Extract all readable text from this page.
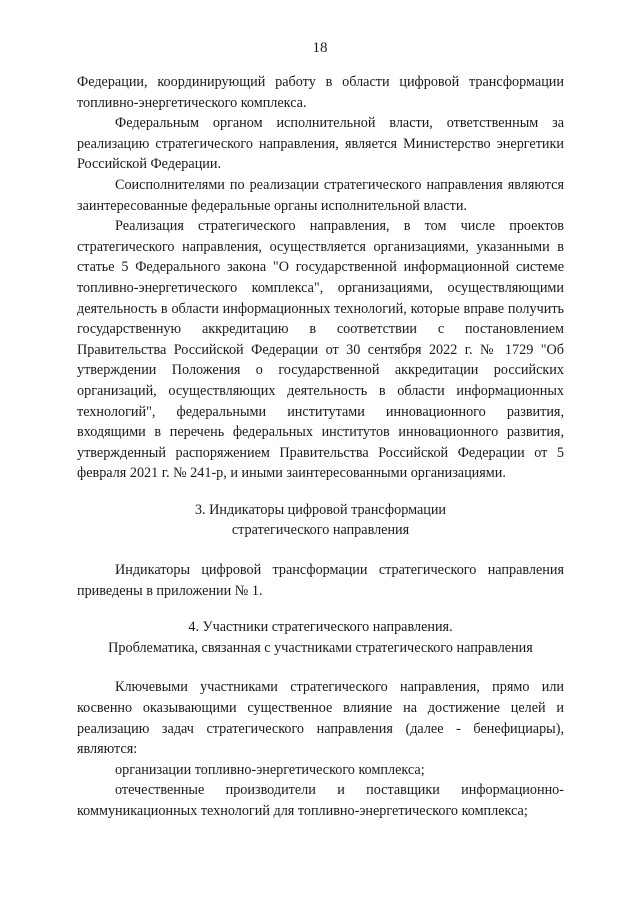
18

Федерации, координирующий работу в области цифровой трансформации топливно-энергетического комплекса.

Федеральным органом исполнительной власти, ответственным за реализацию стратегического направления, является Министерство энергетики Российской Федерации.

Соисполнителями по реализации стратегического направления являются заинтересованные федеральные органы исполнительной власти.

Реализация стратегического направления, в том числе проектов стратегического направления, осуществляется организациями, указанными в статье 5 Федерального закона "О государственной информационной системе топливно-энергетического комплекса", организациями, осуществляющими деятельность в области информационных технологий, которые вправе получить государственную аккредитацию в соответствии с постановлением Правительства Российской Федерации от 30 сентября 2022 г. № 1729 "Об утверждении Положения о государственной аккредитации российских организаций, осуществляющих деятельность в области информационных технологий", федеральными институтами инновационного развития, входящими в перечень федеральных институтов инновационного развития, утвержденный распоряжением Правительства Российской Федерации от 5 февраля 2021 г. № 241-р, и иными заинтересованными организациями.

3. Индикаторы цифровой трансформации

стратегического направления

Индикаторы цифровой трансформации стратегического направления приведены в приложении № 1.

4. Участники стратегического направления.

Проблематика, связанная с участниками стратегического направления

Ключевыми участниками стратегического направления, прямо или косвенно оказывающими существенное влияние на достижение целей и реализацию задач стратегического направления (далее - бенефициары), являются:

организации топливно-энергетического комплекса;

отечественные производители и поставщики информационно-коммуникационных технологий для топливно-энергетического комплекса;
